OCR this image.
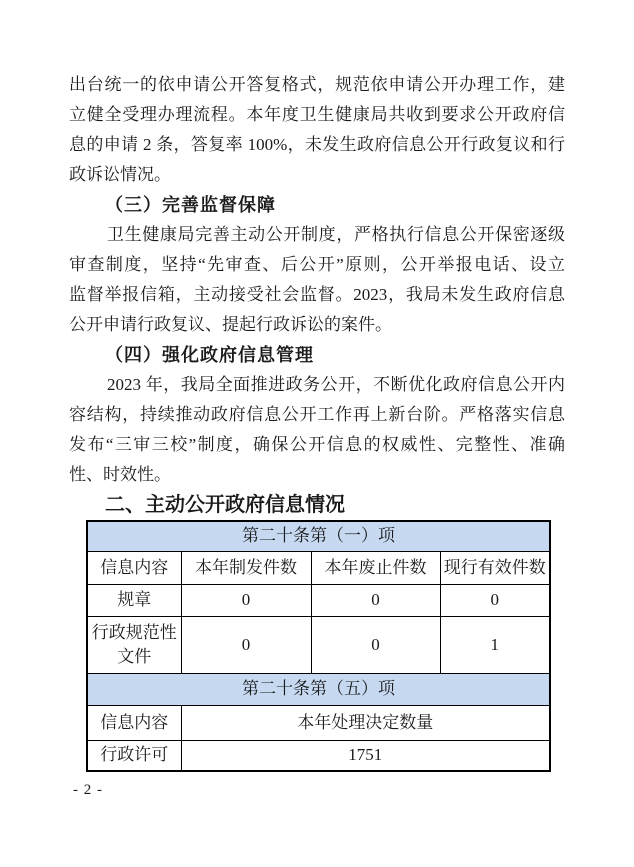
出台统一的依申请公开答复格式，规范依申请公开办理工作，建
立健全受理办理流程。本年度卫生健康局共收到要求公开政府信
息的申请 2 条，答复率 100%，未发生政府信息公开行政复议和行
政诉讼情况。
（三）完善监督保障
卫生健康局完善主动公开制度，严格执行信息公开保密逐级
审查制度，坚持“先审查、后公开”原则，公开举报电话、设立
监督举报信箱，主动接受社会监督。2023，我局未发生政府信息
公开申请行政复议、提起行政诉讼的案件。
（四）强化政府信息管理
2023 年，我局全面推进政务公开，不断优化政府信息公开内
容结构，持续推动政府信息公开工作再上新台阶。严格落实信息
发布“三审三校”制度，确保公开信息的权威性、完整性、准确
性、时效性。
二、主动公开政府信息情况
第二十条第（一）项			
信息内容	本年制发件数	本年废止件数	现行有效件数
规章	0	0	0
行政规范性文件	0	0	1
第二十条第（五）项			
信息内容	本年处理决定数量		
行政许可	1751		
- 2 -
